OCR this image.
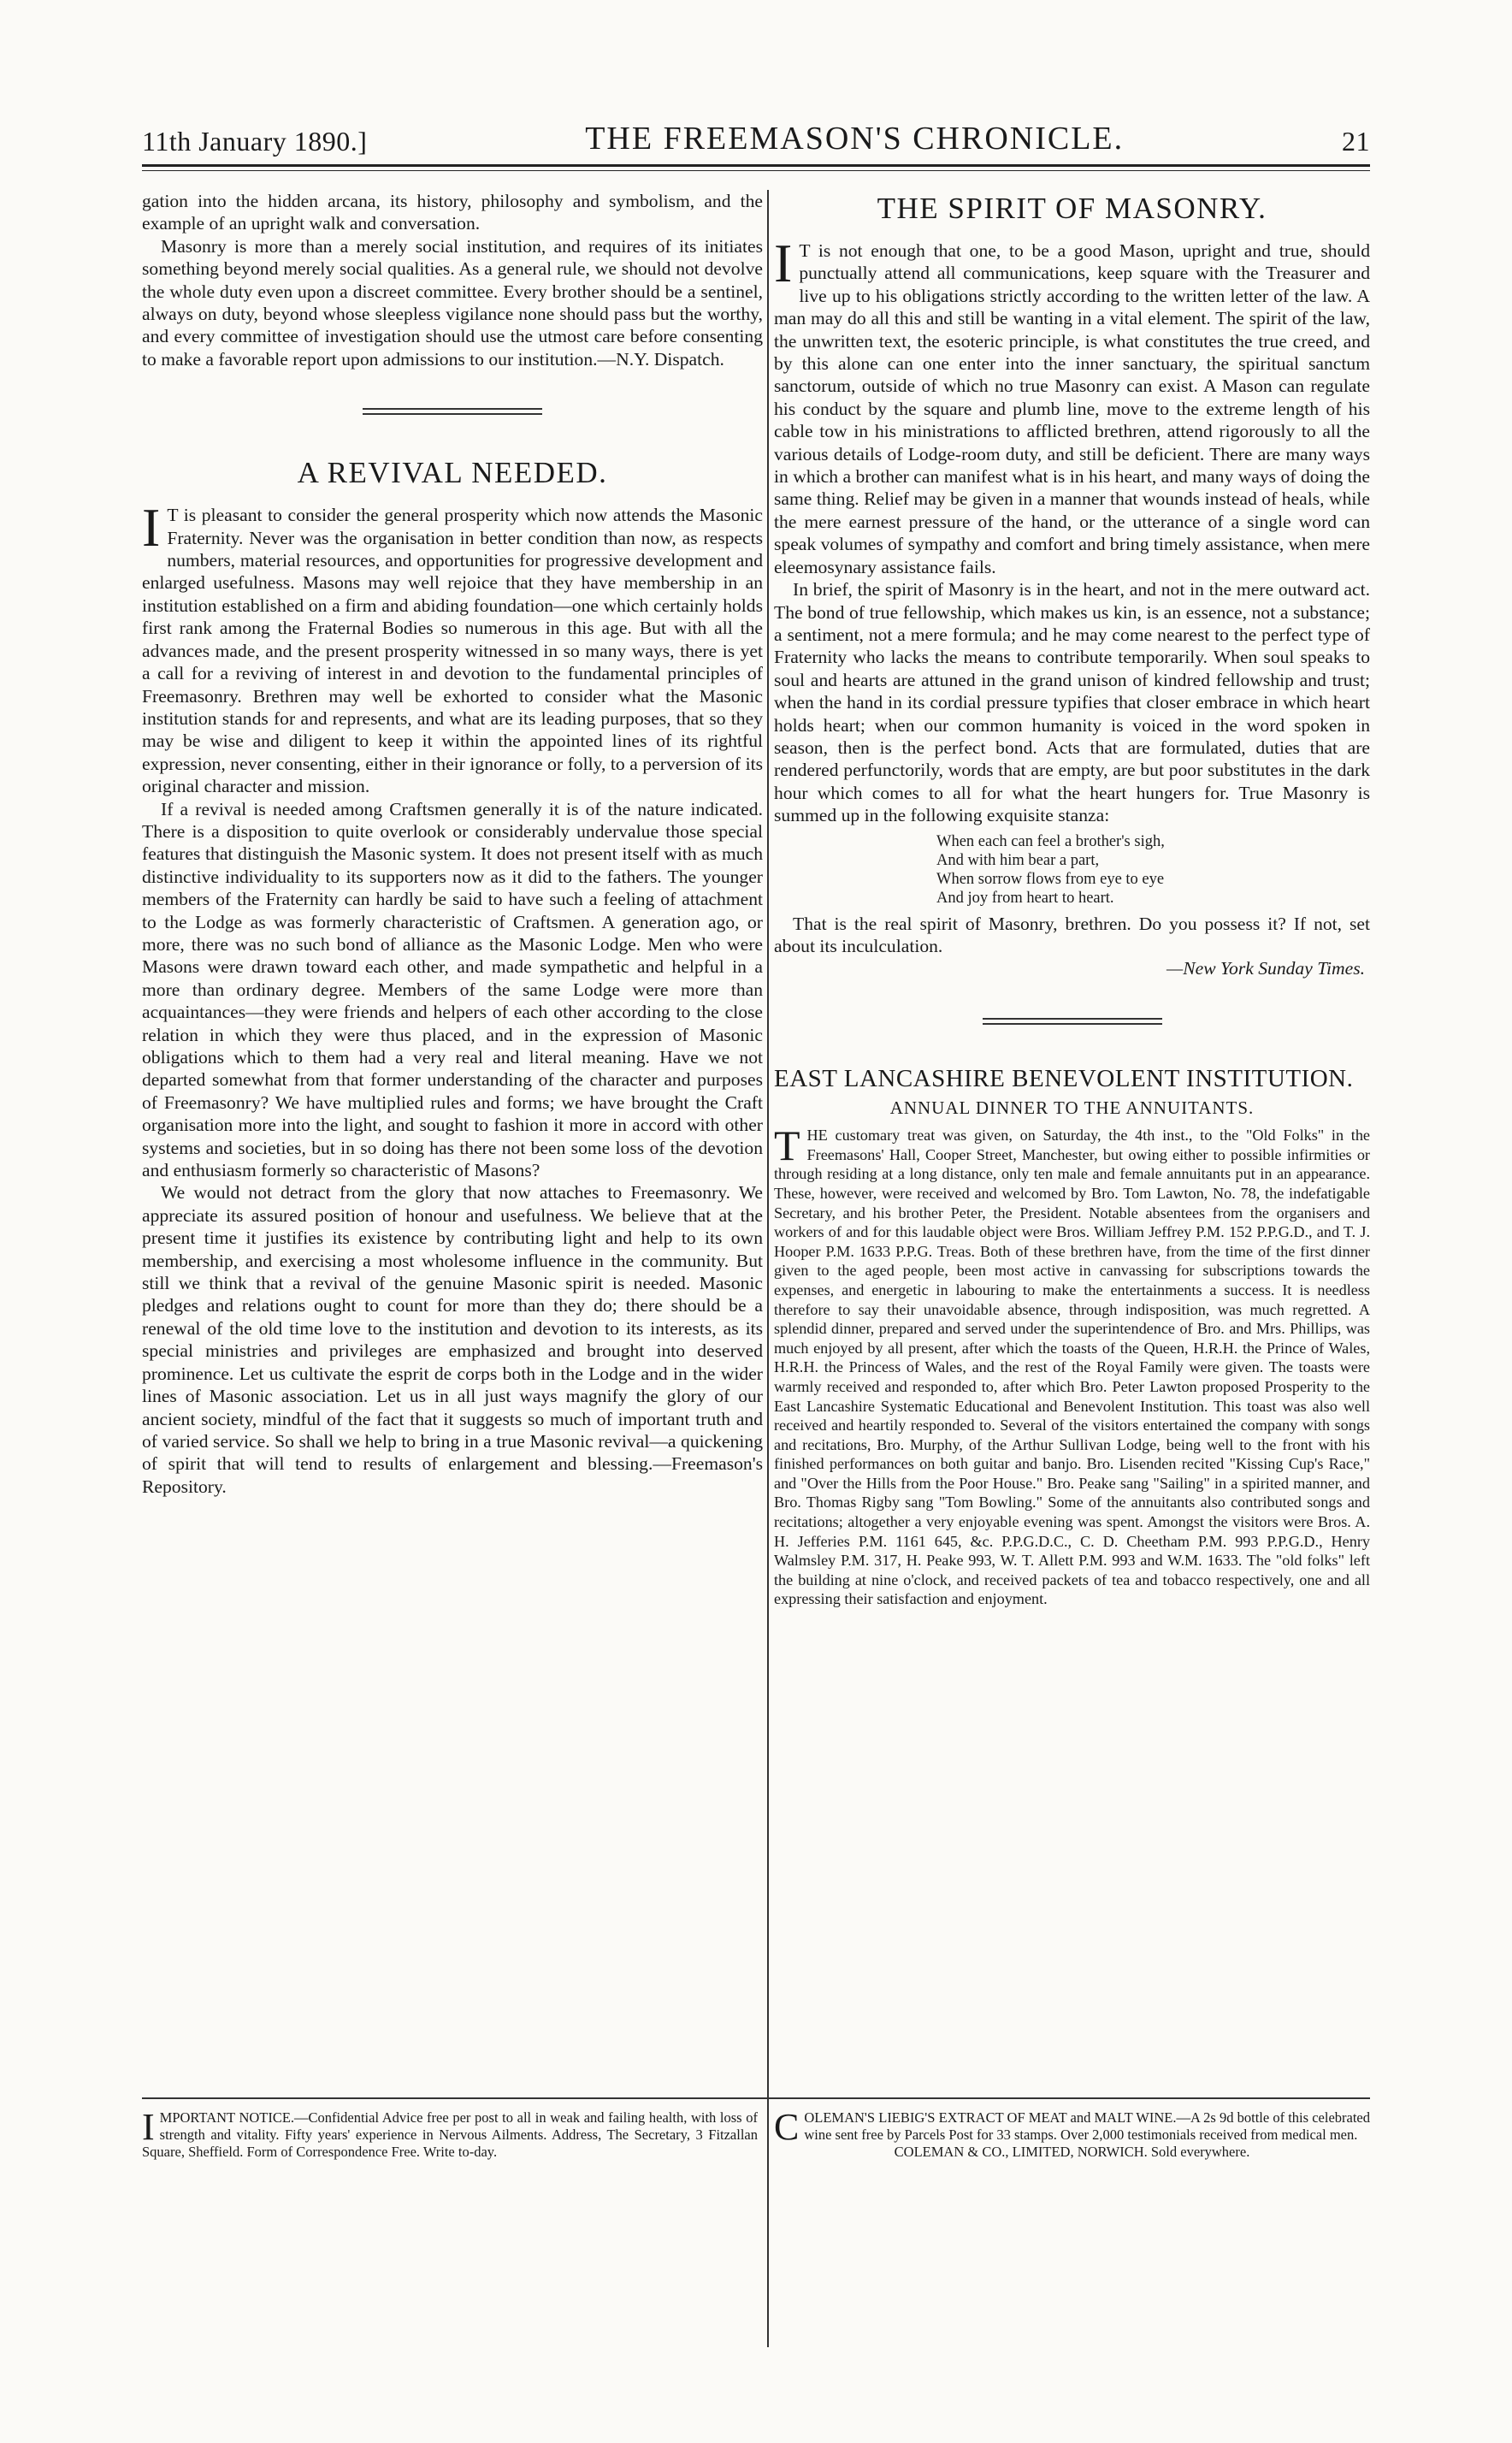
11th January 1890.]	THE FREEMASON'S CHRONICLE.	21

gation into the hidden arcana, its history, philosophy and symbolism, and the example of an upright walk and conversation.

Masonry is more than a merely social institution, and requires of its initiates something beyond merely social qualities. As a general rule, we should not devolve the whole duty even upon a discreet committee. Every brother should be a sentinel, always on duty, beyond whose sleepless vigilance none should pass but the worthy, and every committee of investigation should use the utmost care before consenting to make a favorable report upon admissions to our institution.—N.Y. Dispatch.

A REVIVAL NEEDED.

I T is pleasant to consider the general prosperity which now attends the Masonic Fraternity. Never was the organisation in better condition than now, as respects numbers, material resources, and opportunities for progressive development and enlarged usefulness. Masons may well rejoice that they have membership in an institution established on a firm and abiding foundation—one which certainly holds first rank among the Fraternal Bodies so numerous in this age. But with all the advances made, and the present prosperity witnessed in so many ways, there is yet a call for a reviving of interest in and devotion to the fundamental principles of Freemasonry. Brethren may well be exhorted to consider what the Masonic institution stands for and represents, and what are its leading purposes, that so they may be wise and diligent to keep it within the appointed lines of its rightful expression, never consenting, either in their ignorance or folly, to a perversion of its original character and mission.

If a revival is needed among Craftsmen generally it is of the nature indicated. There is a disposition to quite overlook or considerably undervalue those special features that distinguish the Masonic system. It does not present itself with as much distinctive individuality to its supporters now as it did to the fathers. The younger members of the Fraternity can hardly be said to have such a feeling of attachment to the Lodge as was formerly characteristic of Craftsmen. A generation ago, or more, there was no such bond of alliance as the Masonic Lodge. Men who were Masons were drawn toward each other, and made sympathetic and helpful in a more than ordinary degree. Members of the same Lodge were more than acquaintances—they were friends and helpers of each other according to the close relation in which they were thus placed, and in the expression of Masonic obligations which to them had a very real and literal meaning. Have we not departed somewhat from that former understanding of the character and purposes of Freemasonry? We have multiplied rules and forms; we have brought the Craft organisation more into the light, and sought to fashion it more in accord with other systems and societies, but in so doing has there not been some loss of the devotion and enthusiasm formerly so characteristic of Masons?

We would not detract from the glory that now attaches to Freemasonry. We appreciate its assured position of honour and usefulness. We believe that at the present time it justifies its existence by contributing light and help to its own membership, and exercising a most wholesome influence in the community. But still we think that a revival of the genuine Masonic spirit is needed. Masonic pledges and relations ought to count for more than they do; there should be a renewal of the old time love to the institution and devotion to its interests, as its special ministries and privileges are emphasized and brought into deserved prominence. Let us cultivate the esprit de corps both in the Lodge and in the wider lines of Masonic association. Let us in all just ways magnify the glory of our ancient society, mindful of the fact that it suggests so much of important truth and of varied service. So shall we help to bring in a true Masonic revival—a quickening of spirit that will tend to results of enlargement and blessing.—Freemason's Repository.

THE SPIRIT OF MASONRY.

I T is not enough that one, to be a good Mason, upright and true, should punctually attend all communications, keep square with the Treasurer and live up to his obligations strictly according to the written letter of the law. A man may do all this and still be wanting in a vital element. The spirit of the law, the unwritten text, the esoteric principle, is what constitutes the true creed, and by this alone can one enter into the inner sanctuary, the spiritual sanctum sanctorum, outside of which no true Masonry can exist. A Mason can regulate his conduct by the square and plumb line, move to the extreme length of his cable tow in his ministrations to afflicted brethren, attend rigorously to all the various details of Lodge-room duty, and still be deficient. There are many ways in which a brother can manifest what is in his heart, and many ways of doing the same thing. Relief may be given in a manner that wounds instead of heals, while the mere earnest pressure of the hand, or the utterance of a single word can speak volumes of sympathy and comfort and bring timely assistance, when mere eleemosynary assistance fails.

In brief, the spirit of Masonry is in the heart, and not in the mere outward act. The bond of true fellowship, which makes us kin, is an essence, not a substance; a sentiment, not a mere formula; and he may come nearest to the perfect type of Fraternity who lacks the means to contribute temporarily. When soul speaks to soul and hearts are attuned in the grand unison of kindred fellowship and trust; when the hand in its cordial pressure typifies that closer embrace in which heart holds heart; when our common humanity is voiced in the word spoken in season, then is the perfect bond. Acts that are formulated, duties that are rendered perfunctorily, words that are empty, are but poor substitutes in the dark hour which comes to all for what the heart hungers for. True Masonry is summed up in the following exquisite stanza:

When each can feel a brother's sigh,
And with him bear a part,
When sorrow flows from eye to eye
And joy from heart to heart.

That is the real spirit of Masonry, brethren. Do you possess it? If not, set about its inculculation.

—New York Sunday Times.
EAST LANCASHIRE BENEVOLENT INSTITUTION.
ANNUAL DINNER TO THE ANNUITANTS.

THE customary treat was given, on Saturday, the 4th inst., to the "Old Folks" in the Freemasons' Hall, Cooper Street, Manchester, but owing either to possible infirmities or through residing at a long distance, only ten male and female annuitants put in an appearance. These, however, were received and welcomed by Bro. Tom Lawton, No. 78, the indefatigable Secretary, and his brother Peter, the President. Notable absentees from the organisers and workers of and for this laudable object were Bros. William Jeffrey P.M. 152 P.P.G.D., and T. J. Hooper P.M. 1633 P.P.G. Treas. Both of these brethren have, from the time of the first dinner given to the aged people, been most active in canvassing for subscriptions towards the expenses, and energetic in labouring to make the entertainments a success. It is needless therefore to say their unavoidable absence, through indisposition, was much regretted. A splendid dinner, prepared and served under the superintendence of Bro. and Mrs. Phillips, was much enjoyed by all present, after which the toasts of the Queen, H.R.H. the Prince of Wales, H.R.H. the Princess of Wales, and the rest of the Royal Family were given. The toasts were warmly received and responded to, after which Bro. Peter Lawton proposed Prosperity to the East Lancashire Systematic Educational and Benevolent Institution. This toast was also well received and heartily responded to. Several of the visitors entertained the company with songs and recitations, Bro. Murphy, of the Arthur Sullivan Lodge, being well to the front with his finished performances on both guitar and banjo. Bro. Lisenden recited "Kissing Cup's Race," and "Over the Hills from the Poor House." Bro. Peake sang "Sailing" in a spirited manner, and Bro. Thomas Rigby sang "Tom Bowling." Some of the annuitants also contributed songs and recitations; altogether a very enjoyable evening was spent. Amongst the visitors were Bros. A. H. Jefferies P.M. 1161 645, &c. P.P.G.D.C., C. D. Cheetham P.M. 993 P.P.G.D., Henry Walmsley P.M. 317, H. Peake 993, W. T. Allett P.M. 993 and W.M. 1633. The "old folks" left the building at nine o'clock, and received packets of tea and tobacco respectively, one and all expressing their satisfaction and enjoyment.

IMPORTANT NOTICE.—Confidential Advice free per post to all in weak and failing health, with loss of strength and vitality. Fifty years' experience in Nervous Ailments. Address, The Secretary, 3 Fitzallan Square, Sheffield. Form of Correspondence Free. Write to-day.
COLEMAN'S LIEBIG'S EXTRACT OF MEAT and MALT WINE.—A 2s 9d bottle of this celebrated wine sent free by Parcels Post for 33 stamps. Over 2,000 testimonials received from medical men.
COLEMAN & CO., LIMITED, NORWICH. Sold everywhere.
